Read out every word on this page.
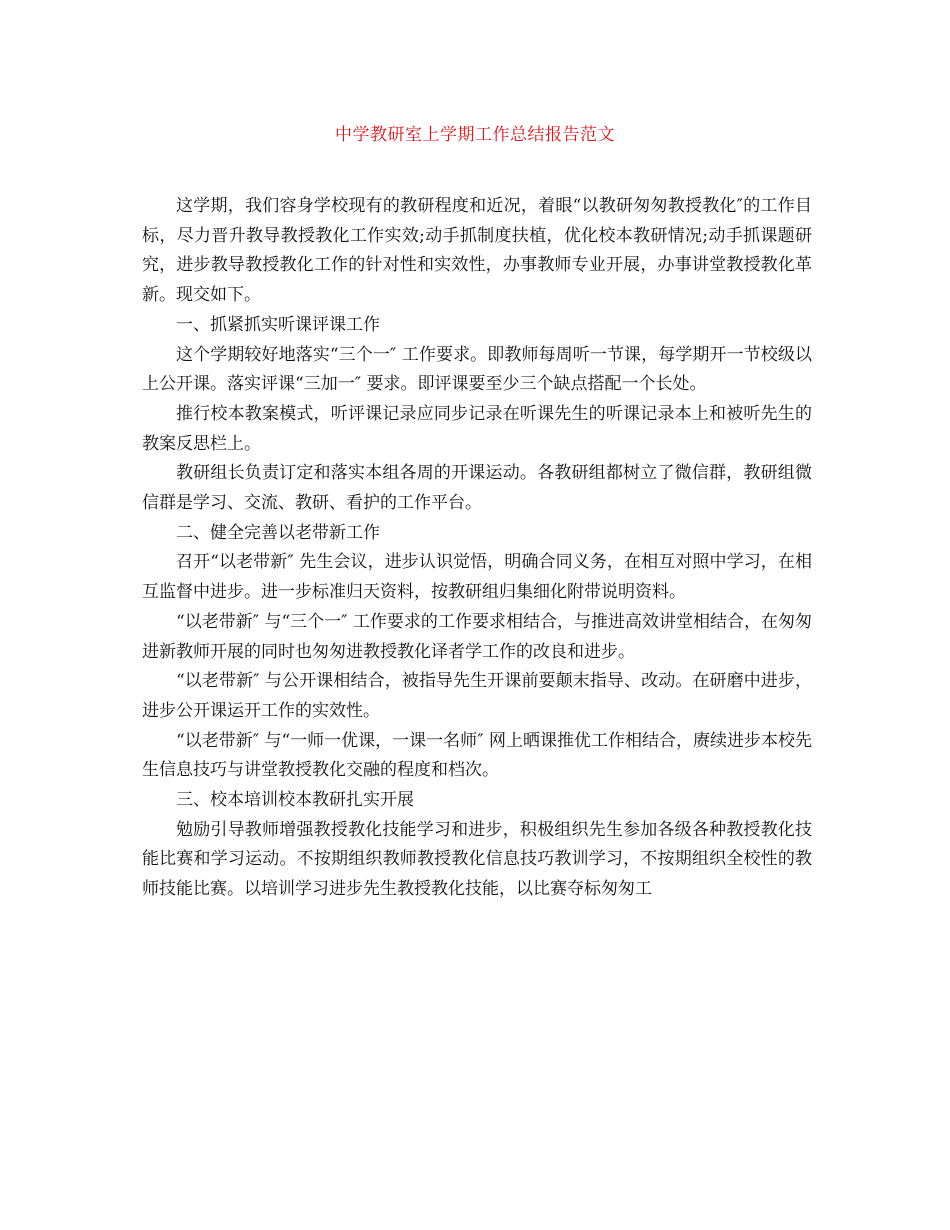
中学教研室上学期工作总结报告范文

这学期，我们容身学校现有的教研程度和近况，着眼“以教研匆匆教授教化″的工作目标，尽力晋升教导教授教化工作实效;动手抓制度扶植，优化校本教研情况;动手抓课题研究，进步教导教授教化工作的针对性和实效性，办事教师专业开展，办事讲堂教授教化革新。现交如下。

一、抓紧抓实听课评课工作

这个学期较好地落实“三个一″ 工作要求。即教师每周听一节课，每学期开一节校级以上公开课。落实评课“三加一″ 要求。即评课要至少三个缺点搭配一个长处。

推行校本教案模式，听评课记录应同步记录在听课先生的听课记录本上和被听先生的教案反思栏上。

教研组长负责订定和落实本组各周的开课运动。各教研组都树立了微信群，教研组微信群是学习、交流、教研、看护的工作平台。

二、健全完善以老带新工作

召开“以老带新″ 先生会议，进步认识觉悟，明确合同义务，在相互对照中学习，在相互监督中进步。进一步标准归天资料，按教研组归集细化附带说明资料。

“以老带新″ 与“三个一″ 工作要求的工作要求相结合，与推进高效讲堂相结合，在匆匆进新教师开展的同时也匆匆进教授教化译者学工作的改良和进步。

“以老带新″ 与公开课相结合，被指导先生开课前要颠末指导、改动。在研磨中进步，进步公开课运开工作的实效性。

“以老带新″ 与“一师一优课，一课一名师″ 网上晒课推优工作相结合，赓续进步本校先生信息技巧与讲堂教授教化交融的程度和档次。

三、校本培训校本教研扎实开展

勉励引导教师增强教授教化技能学习和进步，积极组织先生参加各级各种教授教化技能比赛和学习运动。不按期组织教师教授教化信息技巧教训学习，不按期组织全校性的教师技能比赛。以培训学习进步先生教授教化技能，以比赛夺标匆匆工
